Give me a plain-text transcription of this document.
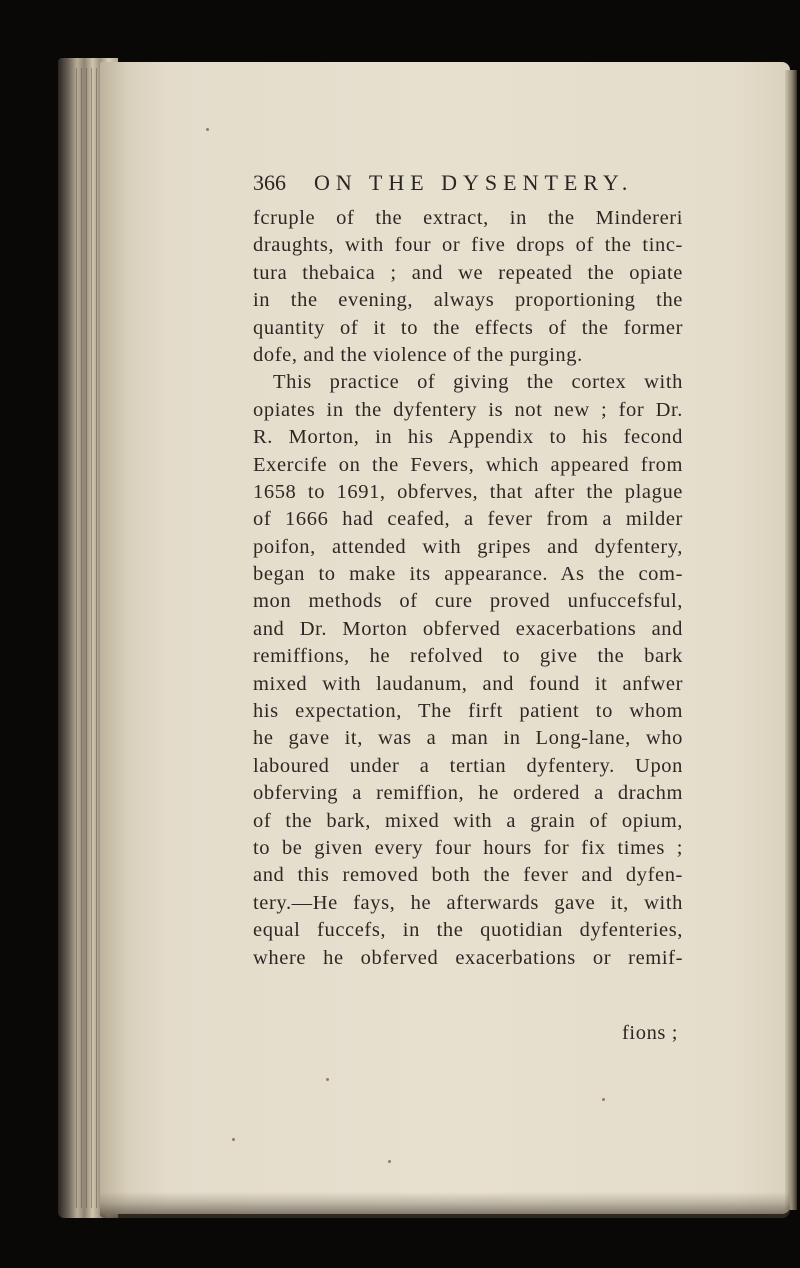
366 ON THE DYSENTERY.
fcruple of the extract, in the Mindereri
draughts, with four or five drops of the tinc-
tura thebaica ; and we repeated the opiate
in the evening, always proportioning the
quantity of it to the effects of the former
dofe, and the violence of the purging.
This practice of giving the cortex with
opiates in the dyfentery is not new ; for Dr.
R. Morton, in his Appendix to his fecond
Exercife on the Fevers, which appeared from
1658 to 1691, obferves, that after the plague
of 1666 had ceafed, a fever from a milder
poifon, attended with gripes and dyfentery,
began to make its appearance. As the com-
mon methods of cure proved unfuccefsful,
and Dr. Morton obferved exacerbations and
remiffions, he refolved to give the bark
mixed with laudanum, and found it anfwer
his expectation, The firft patient to whom
he gave it, was a man in Long-lane, who
laboured under a tertian dyfentery. Upon
obferving a remiffion, he ordered a drachm
of the bark, mixed with a grain of opium,
to be given every four hours for fix times ;
and this removed both the fever and dyfen-
tery.—He fays, he afterwards gave it, with
equal fuccefs, in the quotidian dyfenteries,
where he obferved exacerbations or remif-
fions ;
